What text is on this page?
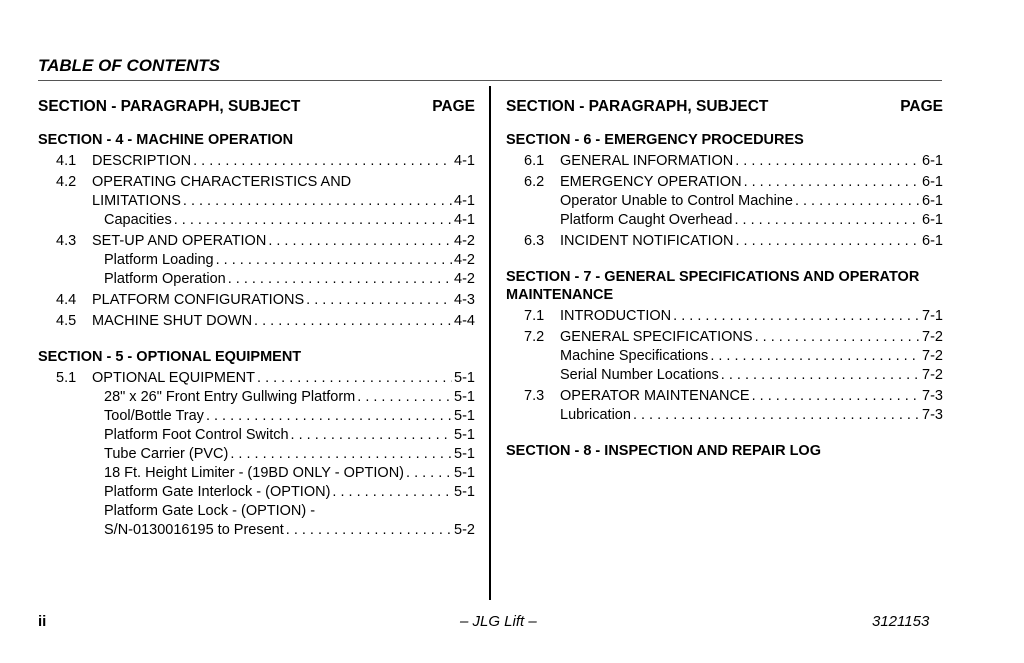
TABLE OF CONTENTS
SECTION - PARAGRAPH, SUBJECT	PAGE
SECTION - 4 - MACHINE OPERATION
4.1	DESCRIPTION . . .	4-1
4.2	OPERATING CHARACTERISTICS AND
LIMITATIONS . . .	4-1
Capacities . . .	4-1
4.3	SET-UP AND OPERATION . . .	4-2
Platform Loading . . .	4-2
Platform Operation . . .	4-2
4.4	PLATFORM CONFIGURATIONS . . .	4-3
4.5	MACHINE SHUT DOWN . . .	4-4
SECTION - 5 - OPTIONAL EQUIPMENT
5.1	OPTIONAL EQUIPMENT . . .	5-1
28" x 26" Front Entry Gullwing Platform . . .	5-1
Tool/Bottle Tray . . .	5-1
Platform Foot Control Switch . . .	5-1
Tube Carrier (PVC) . . .	5-1
18 Ft. Height Limiter - (19BD ONLY - OPTION) . . .	5-1
Platform Gate Interlock - (OPTION) . . .	5-1
Platform Gate Lock - (OPTION) -
S/N-0130016195 to Present . . .	5-2
SECTION - PARAGRAPH, SUBJECT	PAGE
SECTION - 6 - EMERGENCY PROCEDURES
6.1	GENERAL INFORMATION . . .	6-1
6.2	EMERGENCY OPERATION . . .	6-1
Operator Unable to Control Machine . . .	6-1
Platform Caught Overhead . . .	6-1
6.3	INCIDENT NOTIFICATION . . .	6-1
SECTION - 7 - GENERAL SPECIFICATIONS AND OPERATOR MAINTENANCE
7.1	INTRODUCTION . . .	7-1
7.2	GENERAL SPECIFICATIONS . . .	7-2
Machine Specifications . . .	7-2
Serial Number Locations . . .	7-2
7.3	OPERATOR MAINTENANCE . . .	7-3
Lubrication . . .	7-3
SECTION - 8 - INSPECTION AND REPAIR LOG
ii	– JLG Lift –	3121153
